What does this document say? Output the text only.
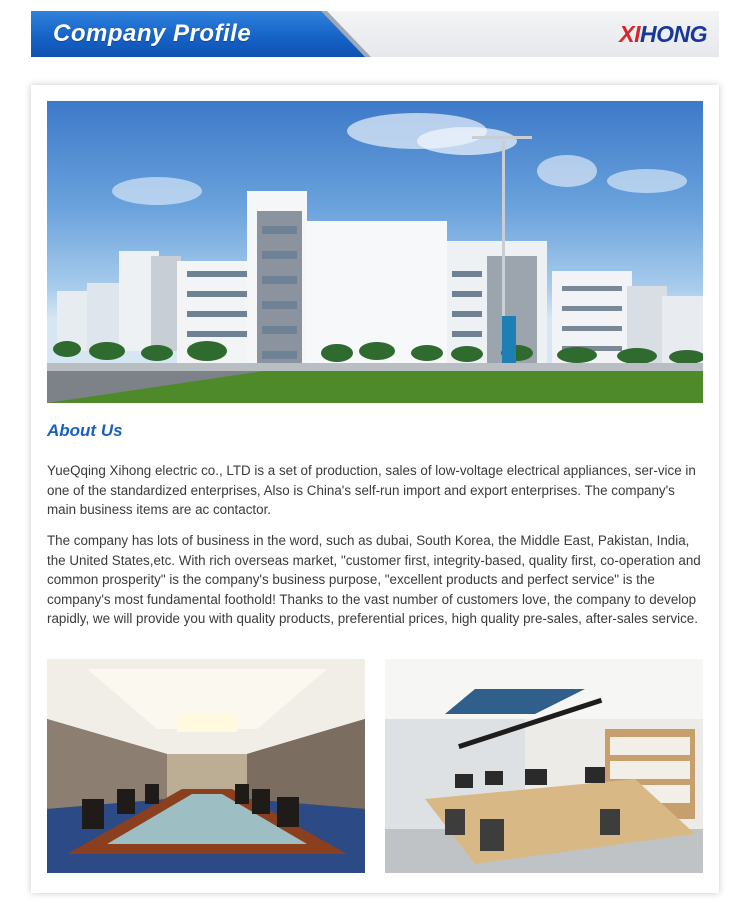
Company Profile	XIHONG
About Us

YueQqing Xihong electric co., LTD is a set of production, sales of low-voltage electrical appliances, ser-vice in one of the standardized enterprises, Also is China's self-run import and export enterprises. The company's main business items are ac contactor.

The company has lots of business in the word, such as dubai, South Korea, the Middle East, Pakistan, India, the United States,etc. With rich overseas market, "customer first, integrity-based, quality first, co-operation and common prosperity" is the company's business purpose, "excellent products and perfect service" is the company's most fundamental foothold! Thanks to the vast number of customers love, the company to develop rapidly, we will provide you with quality products, preferential prices, high quality pre-sales, after-sales service.
